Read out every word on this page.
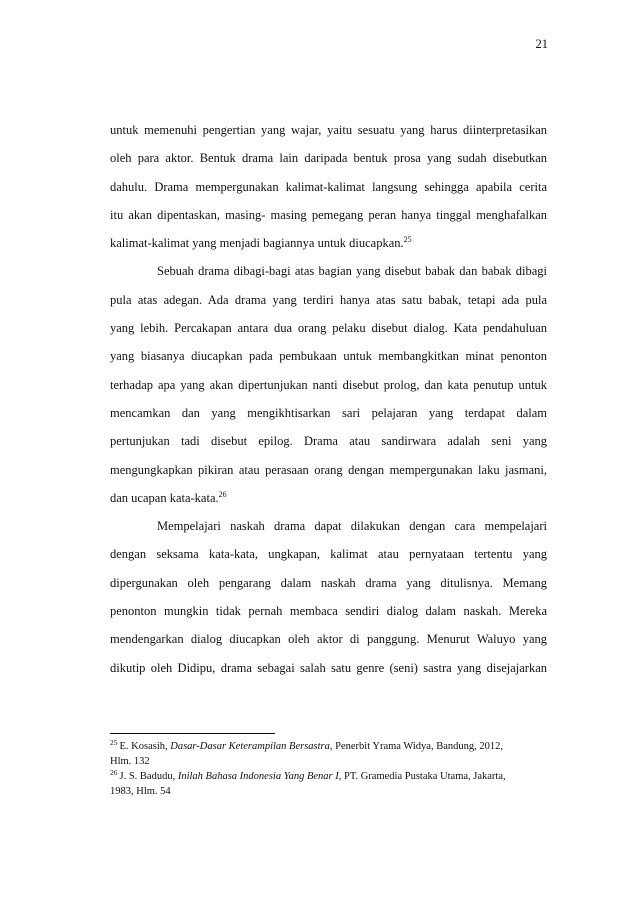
21
untuk memenuhi pengertian yang wajar, yaitu sesuatu yang harus diinterpretasikan
oleh para aktor. Bentuk drama lain daripada bentuk prosa yang sudah disebutkan
dahulu. Drama mempergunakan kalimat-kalimat langsung sehingga apabila cerita
itu akan dipentaskan, masing- masing pemegang peran hanya tinggal menghafalkan
kalimat-kalimat yang menjadi bagiannya untuk diucapkan.$^{25}$
Sebuah drama dibagi-bagi atas bagian yang disebut babak dan babak dibagi
pula atas adegan. Ada drama yang terdiri hanya atas satu babak, tetapi ada pula
yang lebih. Percakapan antara dua orang pelaku disebut dialog. Kata pendahuluan
yang biasanya diucapkan pada pembukaan untuk membangkitkan minat penonton
terhadap apa yang akan dipertunjukan nanti disebut prolog, dan kata penutup untuk
mencamkan dan yang mengikhtisarkan sari pelajaran yang terdapat dalam
pertunjukan tadi disebut epilog. Drama atau sandirwara adalah seni yang
mengungkapkan pikiran atau perasaan orang dengan mempergunakan laku jasmani,
dan ucapan kata-kata.$^{26}$
Mempelajari naskah drama dapat dilakukan dengan cara mempelajari
dengan seksama kata-kata, ungkapan, kalimat atau pernyataan tertentu yang
dipergunakan oleh pengarang dalam naskah drama yang ditulisnya. Memang
penonton mungkin tidak pernah membaca sendiri dialog dalam naskah. Mereka
mendengarkan dialog diucapkan oleh aktor di panggung. Menurut Waluyo yang
dikutip oleh Didipu, drama sebagai salah satu genre (seni) sastra yang disejajarkan

$^{25}$ E. Kosasih, Dasar-Dasar Keterampilan Bersastra, Penerbit Yrama Widya, Bandung, 2012,
Hlm. 132

$^{26}$ J. S. Badudu, Inilah Bahasa Indonesia Yang Benar I, PT. Gramedia Pustaka Utama, Jakarta,
1983, Hlm. 54
